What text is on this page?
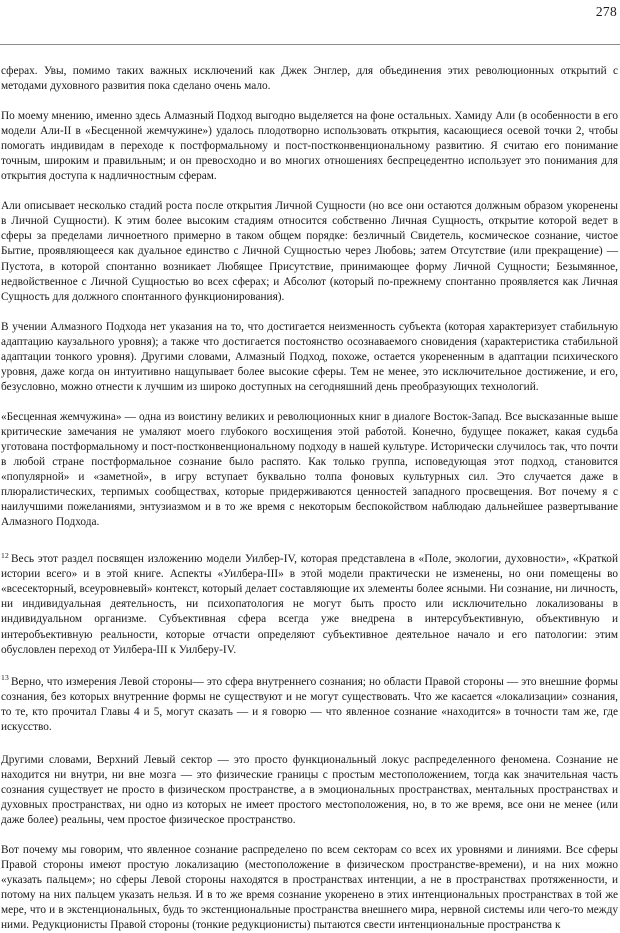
278

сферах. Увы, помимо таких важных исключений как Джек Энглер, для объединения этих революционных открытий с методами духовного развития пока сделано очень мало.

По моему мнению, именно здесь Алмазный Подход выгодно выделяется на фоне остальных. Хамиду Али (в особенности в его модели Али-II в «Бесценной жемчужине») удалось плодотворно использовать открытия, касающиеся осевой точки 2, чтобы помогать индивидам в переходе к постформальному и пост-постконвенциональному развитию. Я считаю его понимание точным, широким и правильным; и он превосходно и во многих отношениях беспрецедентно использует это понимания для открытия доступа к надличностным сферам.

Али описывает несколько стадий роста после открытия Личной Сущности (но все они остаются должным образом укоренены в Личной Сущности). К этим более высоким стадиям относится собственно Личная Сущность, открытие которой ведет в сферы за пределами личноетного примерно в таком общем порядке: безличный Свидетель, космическое сознание, чистое Бытие, проявляющееся как дуальное единство с Личной Сущностью через Любовь; затем Отсутствие (или прекращение) — Пустота, в которой спонтанно возникает Любящее Присутствие, принимающее форму Личной Сущности; Безымянное, недвойственное с Личной Сущностью во всех сферах; и Абсолют (который по-прежнему спонтанно проявляется как Личная Сущность для должного спонтанного функционирования).

В учении Алмазного Подхода нет указания на то, что достигается неизменность субъекта (которая характеризует стабильную адаптацию каузального уровня); а также что достигается постоянство осознаваемого сновидения (характеристика стабильной адаптации тонкого уровня). Другими словами, Алмазный Подход, похоже, остается укорененным в адаптации психического уровня, даже когда он интуитивно нащупывает более высокие сферы. Тем не менее, это исключительное достижение, и его, безусловно, можно отнести к лучшим из широко доступных на сегодняшний день преобразующих технологий.

«Бесценная жемчужина» — одна из воистину великих и революционных книг в диалоге Восток-Запад. Все высказанные выше критические замечания не умаляют моего глубокого восхищения этой работой. Конечно, будущее покажет, какая судьба уготована постформальному и пост-постконвенциональному подходу в нашей культуре. Исторически случилось так, что почти в любой стране постформальное сознание было распято. Как только группа, исповедующая этот подход, становится «популярной» и «заметной», в игру вступает буквально толпа фоновых культурных сил. Это случается даже в плюралистических, терпимых сообществах, которые придерживаются ценностей западного просвещения. Вот почему я с наилучшими пожеланиями, энтузиазмом и в то же время с некоторым беспокойством наблюдаю дальнейшее развертывание Алмазного Подхода.

$^{12}$ Весь этот раздел посвящен изложению модели Уилбер-IV, которая представлена в «Поле, экологии, духовности», «Краткой истории всего» и в этой книге. Аспекты «Уилбера-III» в этой модели практически не изменены, но они помещены во «всесекторный, всеуровневый» контекст, который делает составляющие их элементы более ясными. Ни сознание, ни личность, ни индивидуальная деятельность, ни психопатология не могут быть просто или исключительно локализованы в индивидуальном организме. Субъективная сфера всегда уже внедрена в интерсубъективную, объективную и интеробъективную реальности, которые отчасти определяют субъективное деятельное начало и его патологии: этим обусловлен переход от Уилбера-III к Уилберу-IV.

$^{13}$ Верно, что измерения Левой стороны— это сфера внутреннего сознания; но области Правой стороны — это внешние формы сознания, без которых внутренние формы не существуют и не могут существовать. Что же касается «локализации» сознания, то те, кто прочитал Главы 4 и 5, могут сказать — и я говорю — что явленное сознание «находится» в точности там же, где искусство.

Другими словами, Верхний Левый сектор — это просто функциональный локус распределенного феномена. Сознание не находится ни внутри, ни вне мозга — это физические границы с простым местоположением, тогда как значительная часть сознания существует не просто в физическом пространстве, а в эмоциональных пространствах, ментальных пространствах и духовных пространствах, ни одно из которых не имеет простого местоположения, но, в то же время, все они не менее (или даже более) реальны, чем простое физическое пространство.

Вот почему мы говорим, что явленное сознание распределено по всем секторам со всех их уровнями и линиями. Все сферы Правой стороны имеют простую локализацию (местоположение в физическом пространстве-времени), и на них можно «указать пальцем»; но сферы Левой стороны находятся в пространствах интенции, а не в пространствах протяженности, и потому на них пальцем указать нельзя. И в то же время сознание укоренено в этих интенциональных пространствах в той же мере, что и в экстенциональных, будь то экстенциональные пространства внешнего мира, нервной системы или чего-то между ними. Редукционисты Правой стороны (тонкие редукционисты) пытаются свести интенциональные пространства к
